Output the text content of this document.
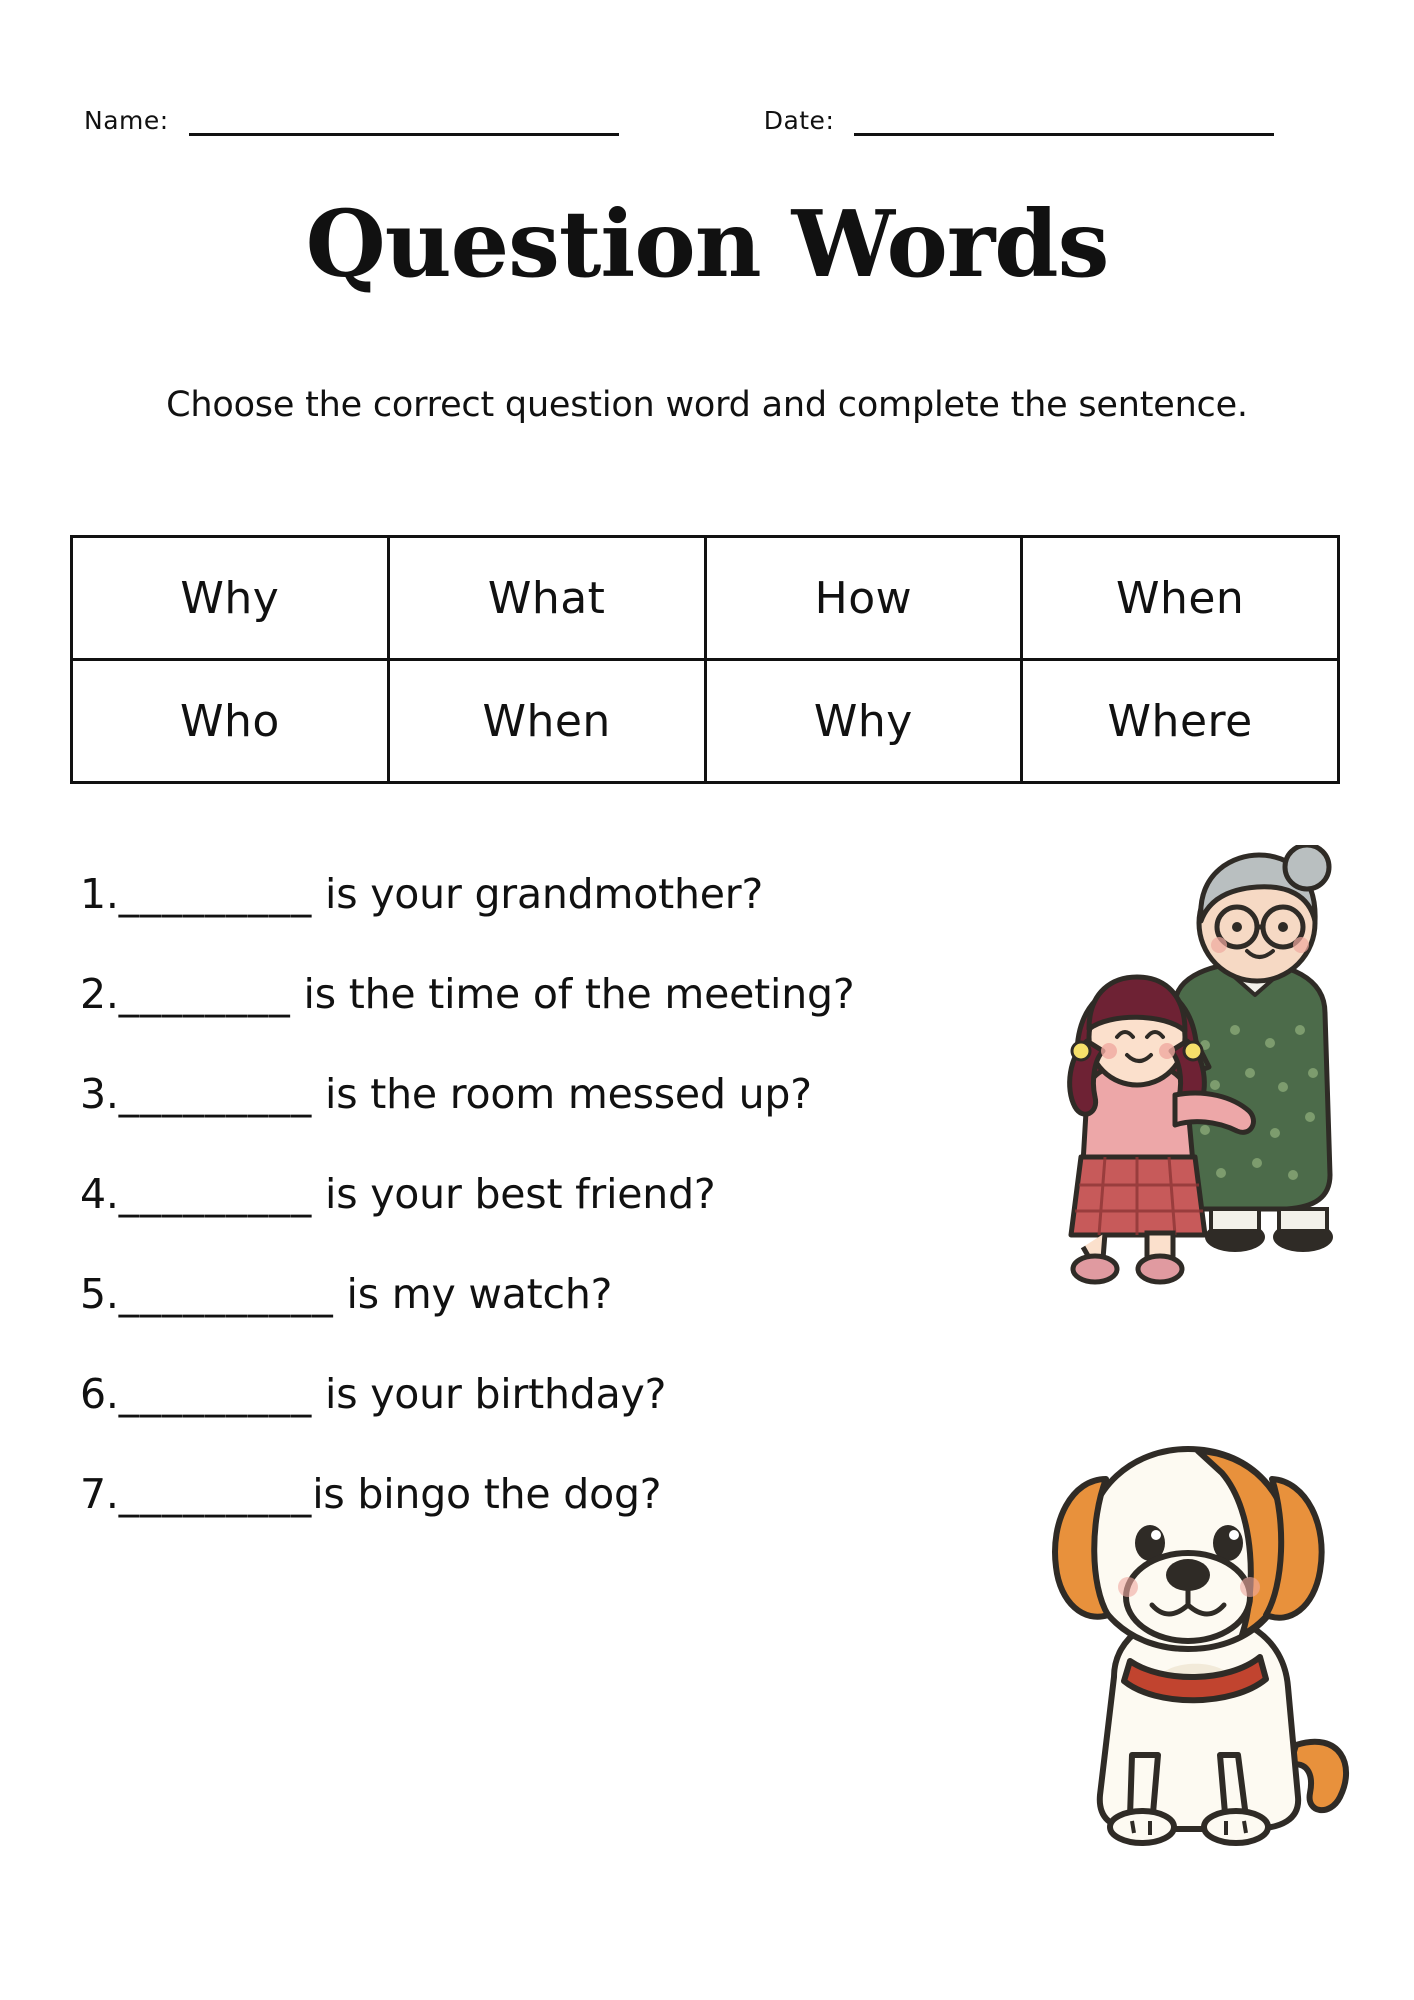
Name:	Date:
Question Words
Choose the correct question word and complete the sentence.
Why	What	How	When
Who	When	Why	Where
1._________ is your grandmother?
2.________ is the time of the meeting?
3._________ is the room messed up?
4._________ is your best friend?
5.__________ is my watch?
6._________ is your birthday?
7._________is bingo the dog?
